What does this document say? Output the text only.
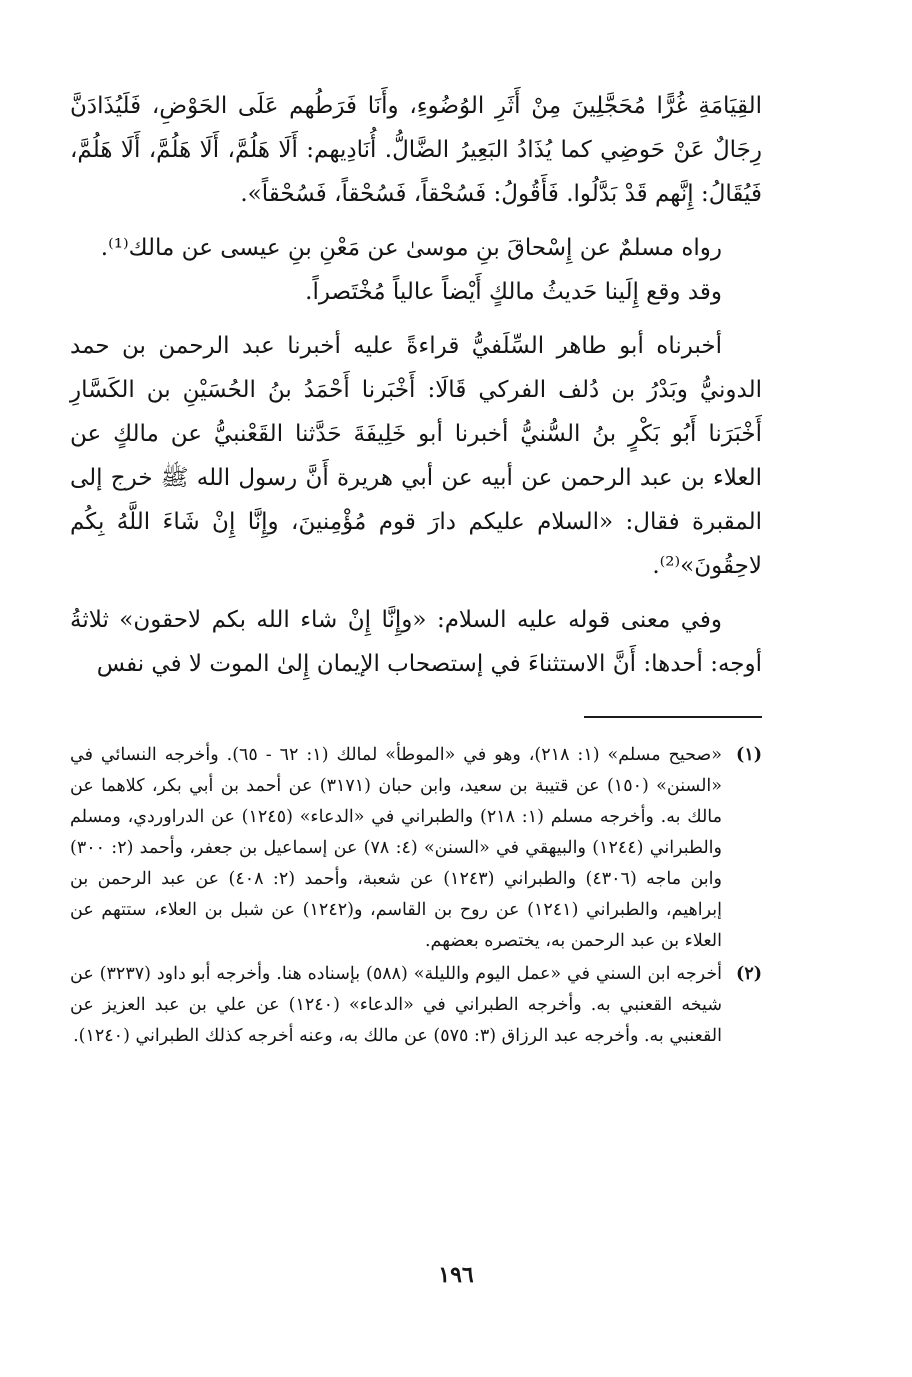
القِيَامَةِ غُرًّا مُحَجَّلِينَ مِنْ أَثَرِ الوُضُوءِ، وأَنَا فَرَطُهم عَلَى الحَوْضِ، فَلَيُذَادَنَّ رِجَالٌ عَنْ حَوضِي كما يُذَادُ البَعِيرُ الضَّالُّ. أُنَادِيهم: أَلَا هَلُمَّ، أَلَا هَلُمَّ، أَلَا هَلُمَّ، فَيُقَالُ: إِنَّهم قَدْ بَدَّلُوا. فَأَقُولُ: فَسُحْقاً، فَسُحْقاً، فَسُحْقاً».

رواه مسلمٌ عن إِسْحاقَ بنِ موسىٰ عن مَعْنِ بنِ عيسى عن مالك⁽¹⁾.

وقد وقع إِلَينا حَديثُ مالكٍ أَيْضاً عالياً مُخْتَصراً.

أخبرناه أبو طاهر السِّلَفيُّ قراءةً عليه أخبرنا عبد الرحمن بن حمد الدونيُّ وبَدْرُ بن دُلف الفركي قَالَا: أَخْبَرنا أَحْمَدُ بنُ الحُسَيْنِ بن الكَسَّارِ أَخْبَرَنا أَبُو بَكْرٍ بنُ السُّنيُّ أخبرنا أبو خَلِيفَةَ حَدَّثنا القَعْنبيُّ عن مالكٍ عن العلاء بن عبد الرحمن عن أبيه عن أبي هريرة أَنَّ رسول الله ﷺ خرج إلى المقبرة فقال: «السلام عليكم دارَ قوم مُؤْمِنينَ، وإِنَّا إِنْ شَاءَ اللَّهُ بِكُم لاحِقُونَ»⁽²⁾.

وفي معنى قوله عليه السلام: «وإِنَّا إِنْ شاء الله بكم لاحقون» ثلاثةُ أوجه: أحدها: أَنَّ الاستثناءَ في إستصحاب الإيمان إِلىٰ الموت لا في نفس

(١)
«صحيح مسلم» (١: ٢١٨)، وهو في «الموطأ» لمالك (١: ٦٢ - ٦٥). وأخرجه النسائي في «السنن» (١٥٠) عن قتيبة بن سعيد، وابن حبان (٣١٧١) عن أحمد بن أبي بكر، كلاهما عن مالك به. وأخرجه مسلم (١: ٢١٨) والطبراني في «الدعاء» (١٢٤٥) عن الدراوردي، ومسلم والطبراني (١٢٤٤) والبيهقي في «السنن» (٤: ٧٨) عن إسماعيل بن جعفر، وأحمد (٢: ٣٠٠) وابن ماجه (٤٣٠٦) والطبراني (١٢٤٣) عن شعبة، وأحمد (٢: ٤٠٨) عن عبد الرحمن بن إبراهيم، والطبراني (١٢٤١) عن روح بن القاسم، و(١٢٤٢) عن شبل بن العلاء، ستتهم عن العلاء بن عبد الرحمن به، يختصره بعضهم.
(٢)
أخرجه ابن السني في «عمل اليوم والليلة» (٥٨٨) بإسناده هنا. وأخرجه أبو داود (٣٢٣٧) عن شيخه القعنبي به. وأخرجه الطبراني في «الدعاء» (١٢٤٠) عن علي بن عبد العزيز عن القعنبي به. وأخرجه عبد الرزاق (٣: ٥٧٥) عن مالك به، وعنه أخرجه كذلك الطبراني (١٢٤٠).
١٩٦
